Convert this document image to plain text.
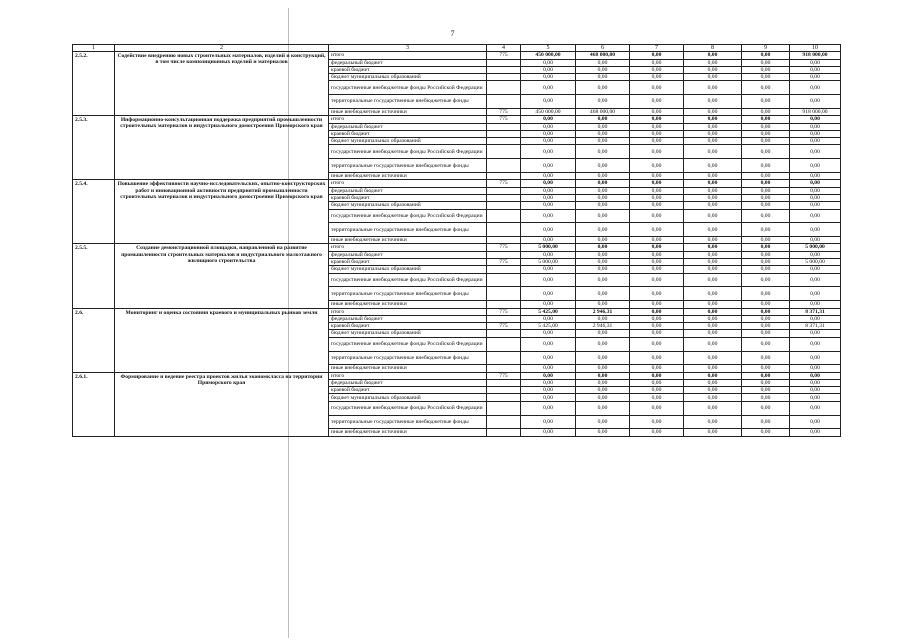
7
1	2	3	4	5	6	7	8	9	10
2.5.2.	Содействие внедрению новых строительных материалов, изделий и конструкций, в том числе композиционных изделий и материалов	итого	775	450 000,00	468 000,00	0,00	0,00	0,00	918 000,00
		федеральный бюджет		0,00	0,00	0,00	0,00	0,00	0,00
		краевой бюджет		0,00	0,00	0,00	0,00	0,00	0,00
		бюджет муниципальных образований		0,00	0,00	0,00	0,00	0,00	0,00
		государственные внебюджетные фонды Российской Федерации		0,00	0,00	0,00	0,00	0,00	0,00
		территориальные государственные внебюджетные фонды		0,00	0,00	0,00	0,00	0,00	0,00
		иные внебюджетные источники	775	450 000,00	468 000,00	0,00	0,00	0,00	918 000,00
2.5.3.	Информационно-консультационная поддержка предприятий промышленности строительных материалов и индустриального домостроения Приморского края	итого	775	0,00	0,00	0,00	0,00	0,00	0,00
		федеральный бюджет		0,00	0,00	0,00	0,00	0,00	0,00
		краевой бюджет		0,00	0,00	0,00	0,00	0,00	0,00
		бюджет муниципальных образований		0,00	0,00	0,00	0,00	0,00	0,00
		государственные внебюджетные фонды Российской Федерации		0,00	0,00	0,00	0,00	0,00	0,00
		территориальные государственные внебюджетные фонды		0,00	0,00	0,00	0,00	0,00	0,00
		иные внебюджетные источники		0,00	0,00	0,00	0,00	0,00	0,00
2.5.4.	Повышение эффективности научно-исследовательских, опытно-конструкторских работ и инновационной активности предприятий промышленности строительных материалов и индустриального домостроения Приморского края	итого	775	0,00	0,00	0,00	0,00	0,00	0,00
		федеральный бюджет		0,00	0,00	0,00	0,00	0,00	0,00
		краевой бюджет		0,00	0,00	0,00	0,00	0,00	0,00
		бюджет муниципальных образований		0,00	0,00	0,00	0,00	0,00	0,00
		государственные внебюджетные фонды Российской Федерации		0,00	0,00	0,00	0,00	0,00	0,00
		территориальные государственные внебюджетные фонды		0,00	0,00	0,00	0,00	0,00	0,00
		иные внебюджетные источники		0,00	0,00	0,00	0,00	0,00	0,00
2.5.5.	Создание демонстрационной площадки, направленной на развитие промышленности строительных материалов и индустриального малоэтажного жилищного строительства	итого	775	5 000,00	0,00	0,00	0,00	0,00	5 000,00
		федеральный бюджет		0,00	0,00	0,00	0,00	0,00	0,00
		краевой бюджет	775	5 000,00	0,00	0,00	0,00	0,00	5 000,00
		бюджет муниципальных образований		0,00	0,00	0,00	0,00	0,00	0,00
		государственные внебюджетные фонды Российской Федерации		0,00	0,00	0,00	0,00	0,00	0,00
		территориальные государственные внебюджетные фонды		0,00	0,00	0,00	0,00	0,00	0,00
		иные внебюджетные источники		0,00	0,00	0,00	0,00	0,00	0,00
2.6.	Мониторинг и оценка состояния краевого и муниципальных рынков земли	итого	775	5 425,00	2 946,31	0,00	0,00	0,00	8 371,31
		федеральный бюджет		0,00	0,00	0,00	0,00	0,00	0,00
		краевой бюджет	775	5 425,00	2 946,31	0,00	0,00	0,00	8 371,31
		бюджет муниципальных образований		0,00	0,00	0,00	0,00	0,00	0,00
		государственные внебюджетные фонды Российской Федерации		0,00	0,00	0,00	0,00	0,00	0,00
		территориальные государственные внебюджетные фонды		0,00	0,00	0,00	0,00	0,00	0,00
		иные внебюджетные источники		0,00	0,00	0,00	0,00	0,00	0,00
2.6.1.	Формирование и ведение реестра проектов жилья экономкласса на территории Приморского края	итого	775	0,00	0,00	0,00	0,00	0,00	0,00
		федеральный бюджет		0,00	0,00	0,00	0,00	0,00	0,00
		краевой бюджет		0,00	0,00	0,00	0,00	0,00	0,00
		бюджет муниципальных образований		0,00	0,00	0,00	0,00	0,00	0,00
		государственные внебюджетные фонды Российской Федерации		0,00	0,00	0,00	0,00	0,00	0,00
		территориальные государственные внебюджетные фонды		0,00	0,00	0,00	0,00	0,00	0,00
		иные внебюджетные источники		0,00	0,00	0,00	0,00	0,00	0,00
